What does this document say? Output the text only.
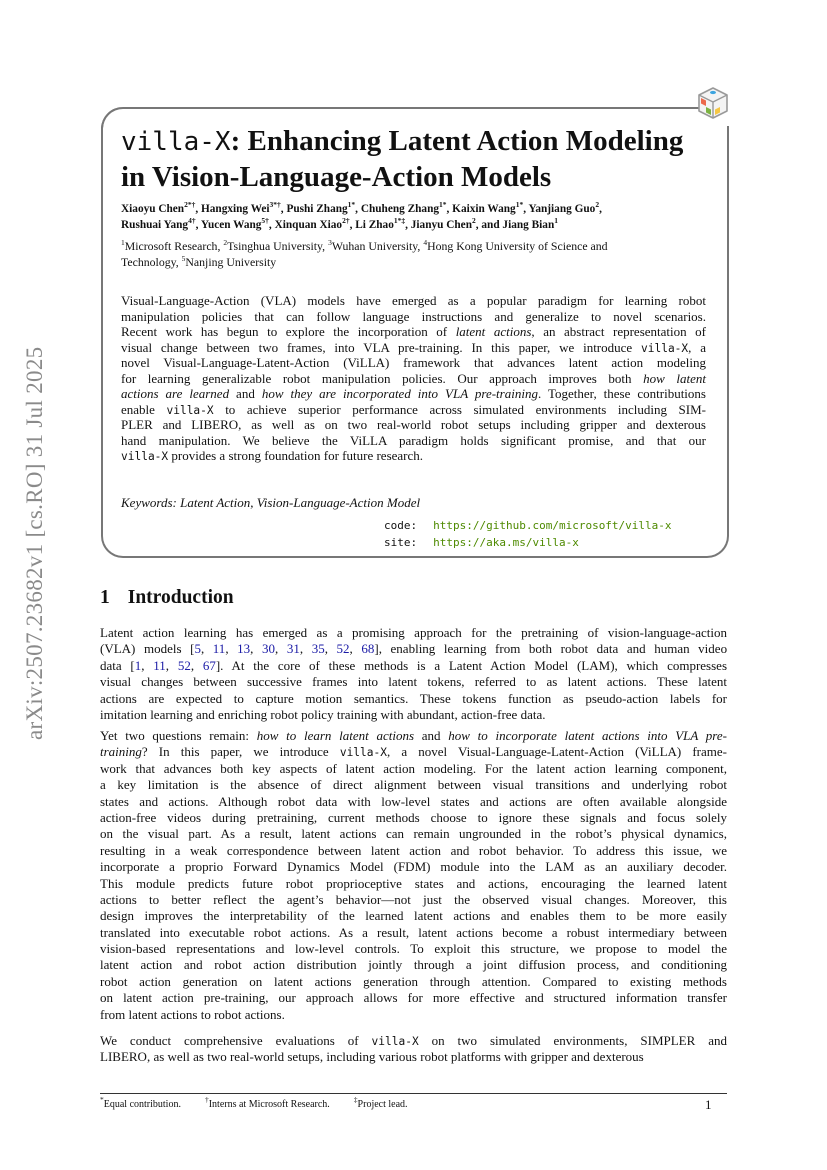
arXiv:2507.23682v1 [cs.RO] 31 Jul 2025
villa-X: Enhancing Latent Action Modeling
in Vision-Language-Action Models
Xiaoyu Chen$^{2*\dagger}$, Hangxing Wei$^{3*\dagger}$, Pushi Zhang$^{1*}$, Chuheng Zhang$^{1*}$, Kaixin Wang$^{1*}$, Yanjiang Guo$^2$,
Rushuai Yang$^{4\dagger}$, Yucen Wang$^{5\dagger}$, Xinquan Xiao$^{2\dagger}$, Li Zhao$^{1*\ddagger}$, Jianyu Chen$^2$, and Jiang Bian$^1$
$^1$Microsoft Research, $^2$Tsinghua University, $^3$Wuhan University, $^4$Hong Kong University of Science and
Technology, $^5$Nanjing University
Visual-Language-Action (VLA) models have emerged as a popular paradigm for learning robot
manipulation policies that can follow language instructions and generalize to novel scenarios.
Recent work has begun to explore the incorporation of latent actions, an abstract representation of
visual change between two frames, into VLA pre-training. In this paper, we introduce villa-X, a
novel Visual-Language-Latent-Action (ViLLA) framework that advances latent action modeling
for learning generalizable robot manipulation policies. Our approach improves both how latent
actions are learned and how they are incorporated into VLA pre-training. Together, these contributions
enable villa-X to achieve superior performance across simulated environments including SIM-
PLER and LIBERO, as well as on two real-world robot setups including gripper and dexterous
hand manipulation. We believe the ViLLA paradigm holds significant promise, and that our
villa-X provides a strong foundation for future research.
Keywords: Latent Action, Vision-Language-Action Model
code: https://github.com/microsoft/villa-x
site: https://aka.ms/villa-x
1 Introduction
Latent action learning has emerged as a promising approach for the pretraining of vision-language-action
(VLA) models [5, 11, 13, 30, 31, 35, 52, 68], enabling learning from both robot data and human video
data [1, 11, 52, 67]. At the core of these methods is a Latent Action Model (LAM), which compresses
visual changes between successive frames into latent tokens, referred to as latent actions. These latent
actions are expected to capture motion semantics. These tokens function as pseudo-action labels for
imitation learning and enriching robot policy training with abundant, action-free data.
Yet two questions remain: how to learn latent actions and how to incorporate latent actions into VLA pre-
training? In this paper, we introduce villa-X, a novel Visual-Language-Latent-Action (ViLLA) frame-
work that advances both key aspects of latent action modeling. For the latent action learning component,
a key limitation is the absence of direct alignment between visual transitions and underlying robot
states and actions. Although robot data with low-level states and actions are often available alongside
action-free videos during pretraining, current methods choose to ignore these signals and focus solely
on the visual part. As a result, latent actions can remain ungrounded in the robot’s physical dynamics,
resulting in a weak correspondence between latent action and robot behavior. To address this issue, we
incorporate a proprio Forward Dynamics Model (FDM) module into the LAM as an auxiliary decoder.
This module predicts future robot proprioceptive states and actions, encouraging the learned latent
actions to better reflect the agent’s behavior—not just the observed visual changes. Moreover, this
design improves the interpretability of the learned latent actions and enables them to be more easily
translated into executable robot actions. As a result, latent actions become a robust intermediary between
vision-based representations and low-level controls. To exploit this structure, we propose to model the
latent action and robot action distribution jointly through a joint diffusion process, and conditioning
robot action generation on latent actions generation through attention. Compared to existing methods
on latent action pre-training, our approach allows for more effective and structured information transfer
from latent actions to robot actions.
We conduct comprehensive evaluations of villa-X on two simulated environments, SIMPLER and
LIBERO, as well as two real-world setups, including various robot platforms with gripper and dexterous
*Equal contribution.	†Interns at Microsoft Research.	‡Project lead.	1
